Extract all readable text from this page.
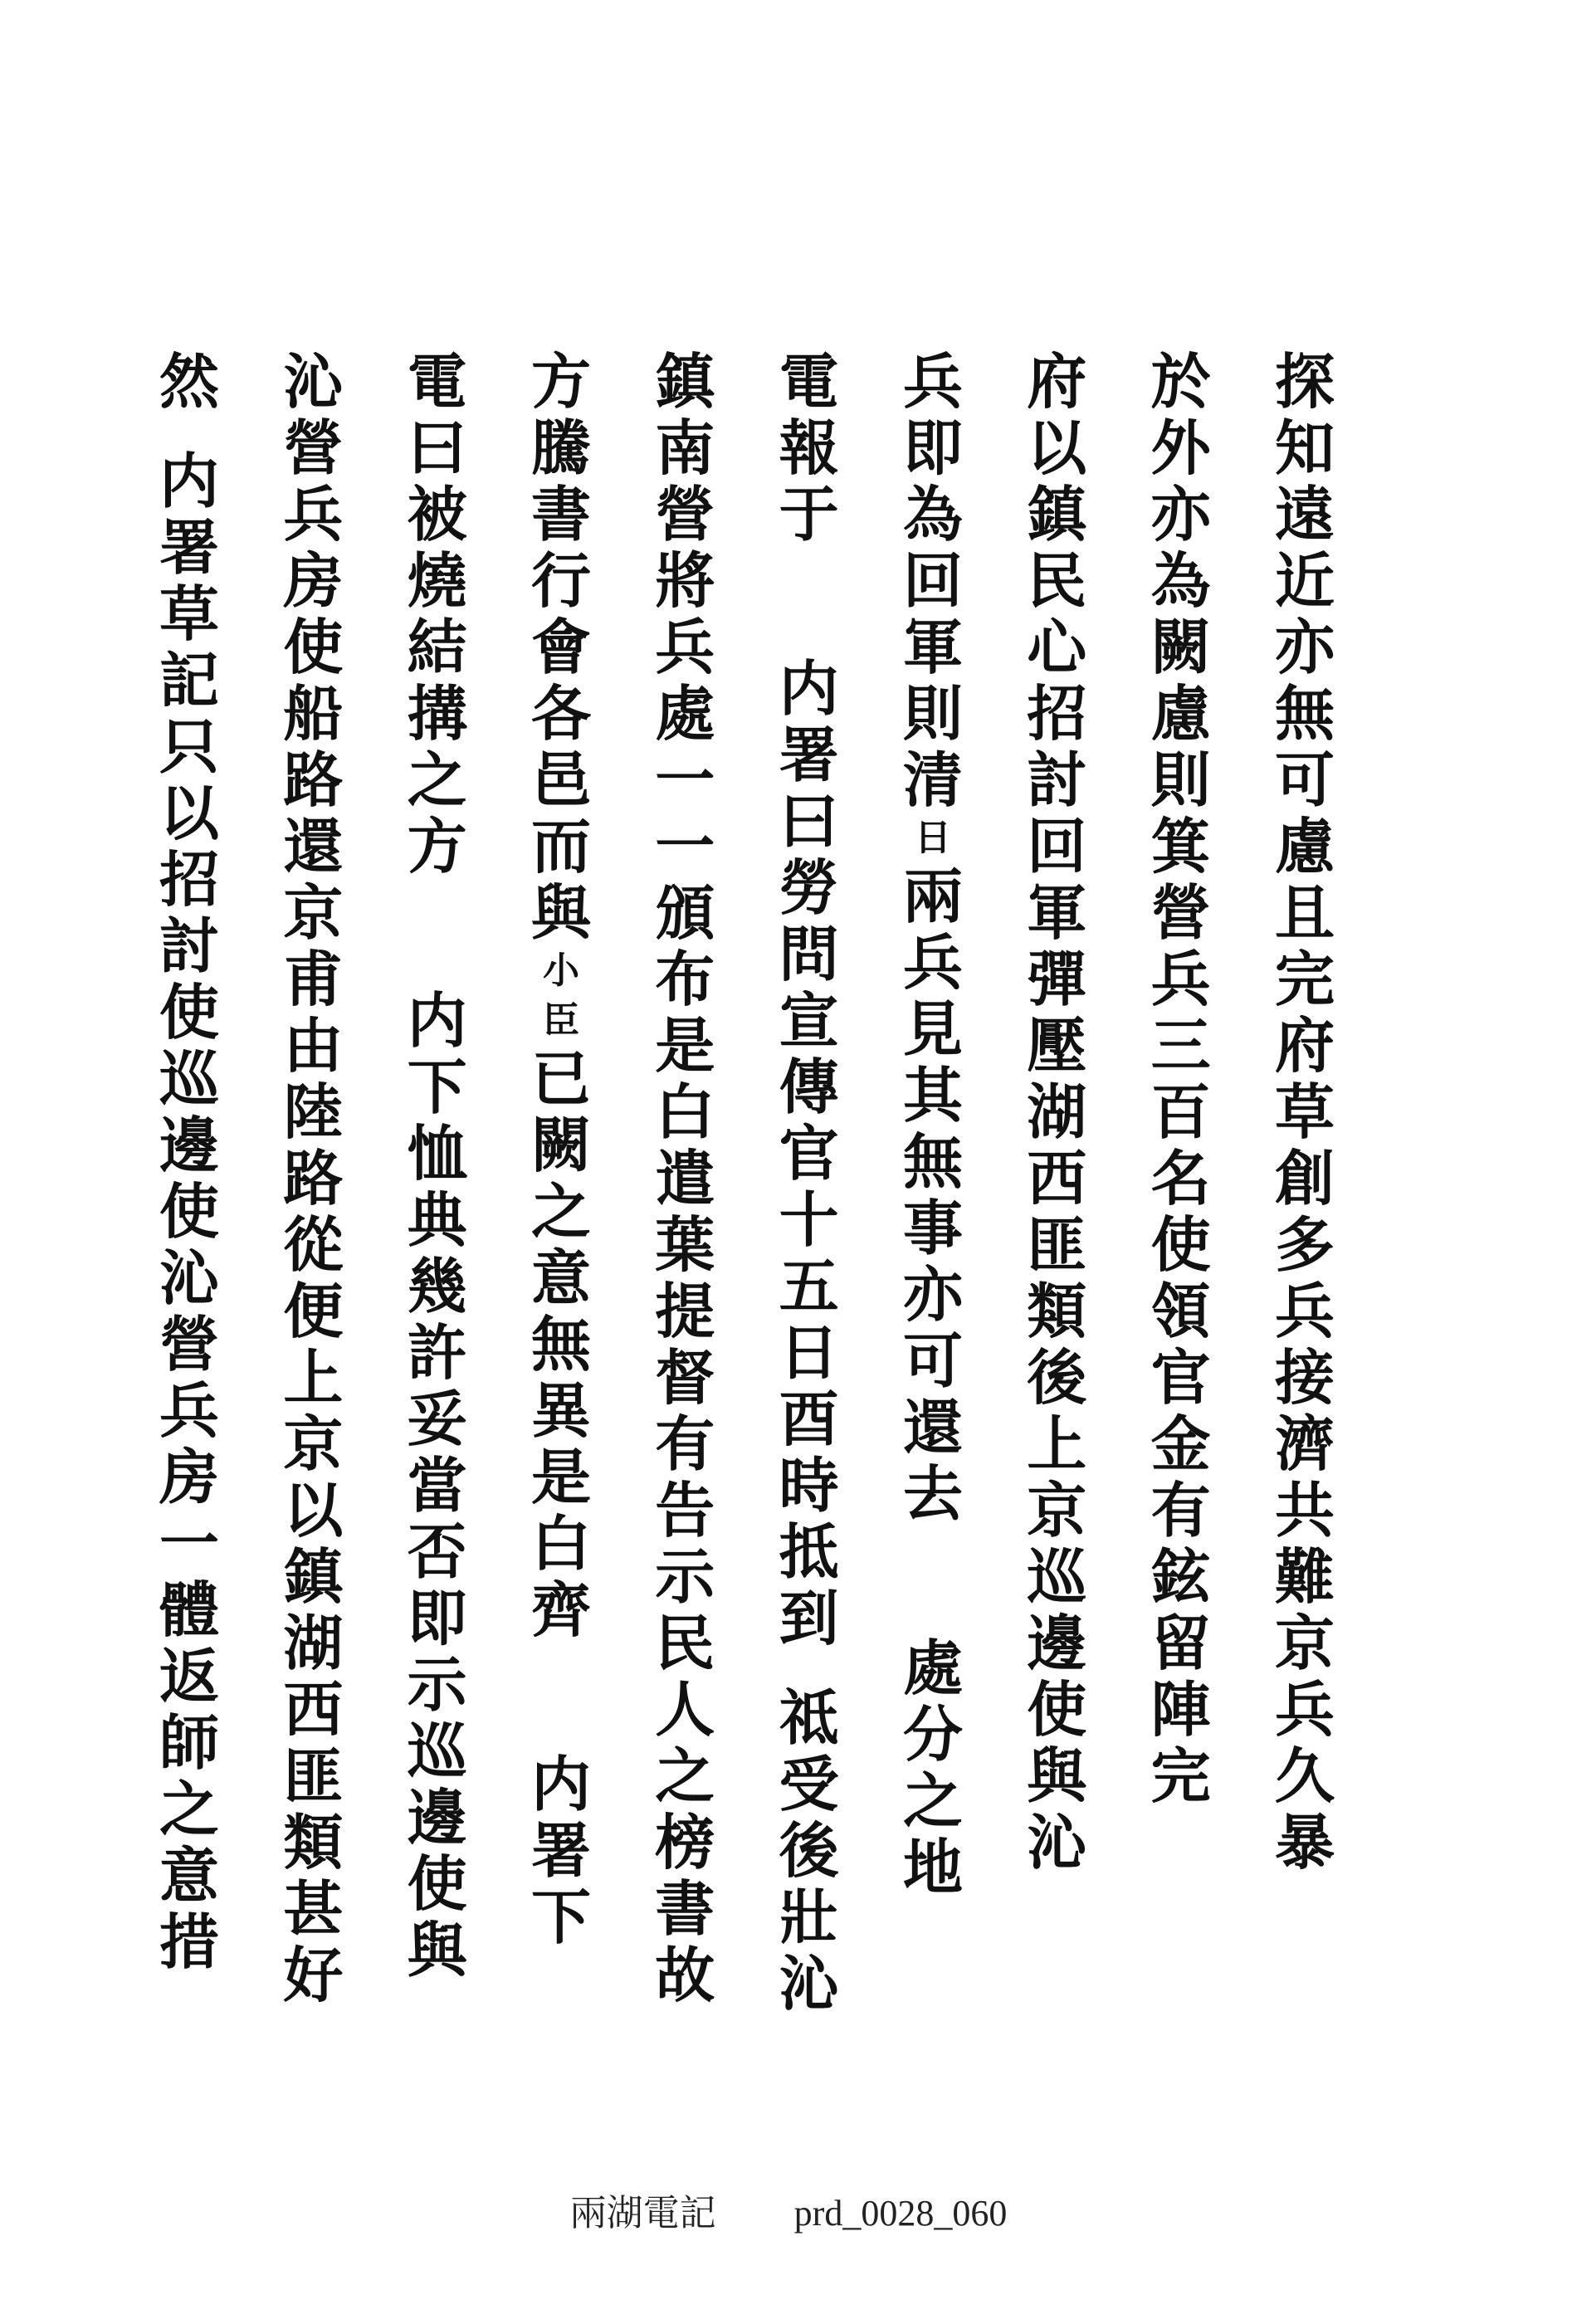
探
知
遠
近
亦
無
可
慮
且
完
府
草
創
多
兵
接
濟
共
難
京
兵
久
暴
於
外
亦
為
闕
慮
則
箕
營
兵
三
百
名
使
領
官
金
有
鉉
留
陣
完
府
以
鎮
民
心
招
討
回
軍
彈
壓
湖
西
匪
類
後
上
京
巡
邊
使
與
沁
兵
即
為
回
軍
則
清
日
兩
兵
見
其
無
事
亦
可
還
去
處
分
之
地
電
報
于
内
署
曰
勞
問
宣
傳
官
十
五
日
酉
時
抵
到
祗
受
後
壯
沁
鎮
南
營
將
兵
處
一
一
頒
布
是
白
遣
葉
提
督
有
告
示
民
人
之
榜
書
故
方
騰
書
行
會
各
邑
而
與
小
臣
已
闕
之
意
無
異
是
白
齊
内
署
下
電
曰
被
燒
結
搆
之
方
内
下
恤
典
幾
許
妥
當
否
即
示
巡
邊
使
與
沁
營
兵
房
使
船
路
還
京
甫
由
陸
路
從
便
上
京
以
鎮
湖
西
匪
類
甚
好
然
内
署
草
記
只
以
招
討
使
巡
邊
使
沁
營
兵
房
一
體
返
師
之
意
措
兩湖電記 prd_0028_060
